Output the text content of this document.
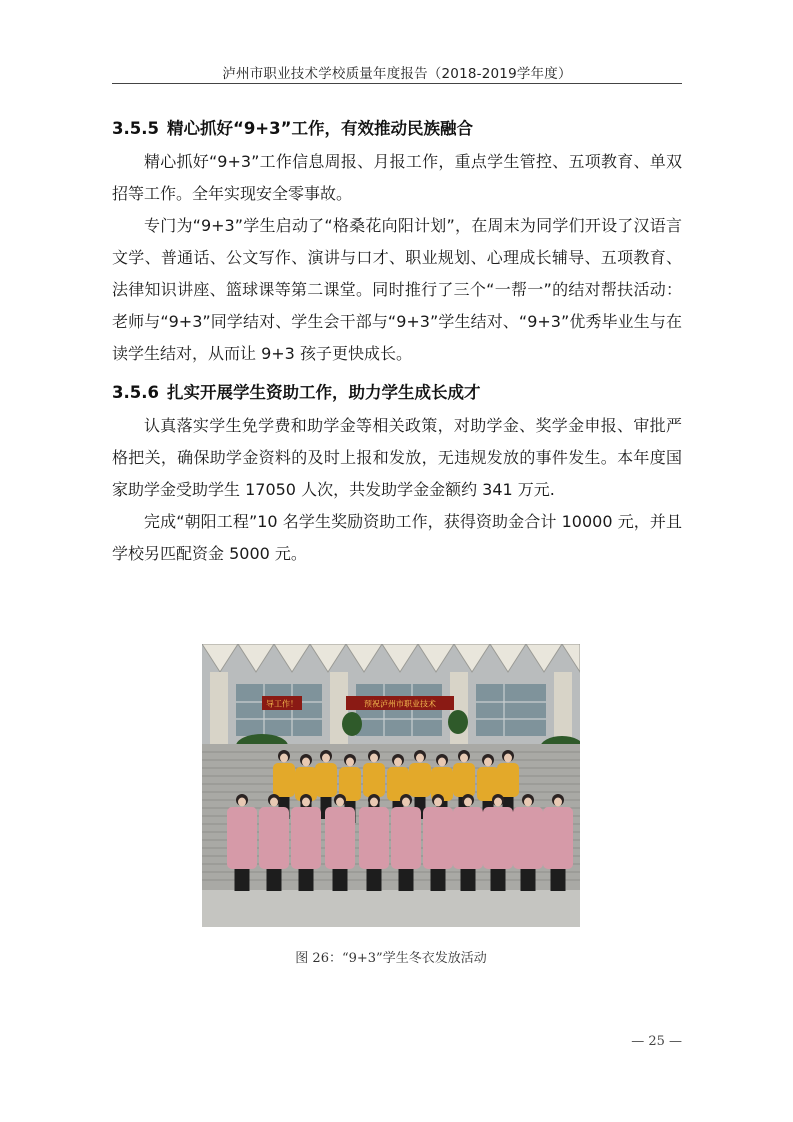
泸州市职业技术学校质量年度报告（2018-2019学年度）
3.5.5 精心抓好“9+3”工作，有效推动民族融合

精心抓好“9+3”工作信息周报、月报工作，重点学生管控、五项教育、单双招等工作。全年实现安全零事故。

专门为“9+3”学生启动了“格桑花向阳计划”，在周末为同学们开设了汉语言文学、普通话、公文写作、演讲与口才、职业规划、心理成长辅导、五项教育、法律知识讲座、篮球课等第二课堂。同时推行了三个“一帮一”的结对帮扶活动：老师与“9+3”同学结对、学生会干部与“9+3”学生结对、“9+3”优秀毕业生与在读学生结对，从而让 9+3 孩子更快成长。

3.5.6 扎实开展学生资助工作，助力学生成长成才

认真落实学生免学费和助学金等相关政策，对助学金、奖学金申报、审批严格把关，确保助学金资料的及时上报和发放，无违规发放的事件发生。本年度国家助学金受助学生 17050 人次，共发助学金金额约 341 万元.

完成“朝阳工程”10 名学生奖励资助工作，获得资助金合计 10000 元，并且学校另匹配资金 5000 元。

导工作！	预祝泸州市职业技术
图 26：“9+3”学生冬衣发放活动
— 25 —
